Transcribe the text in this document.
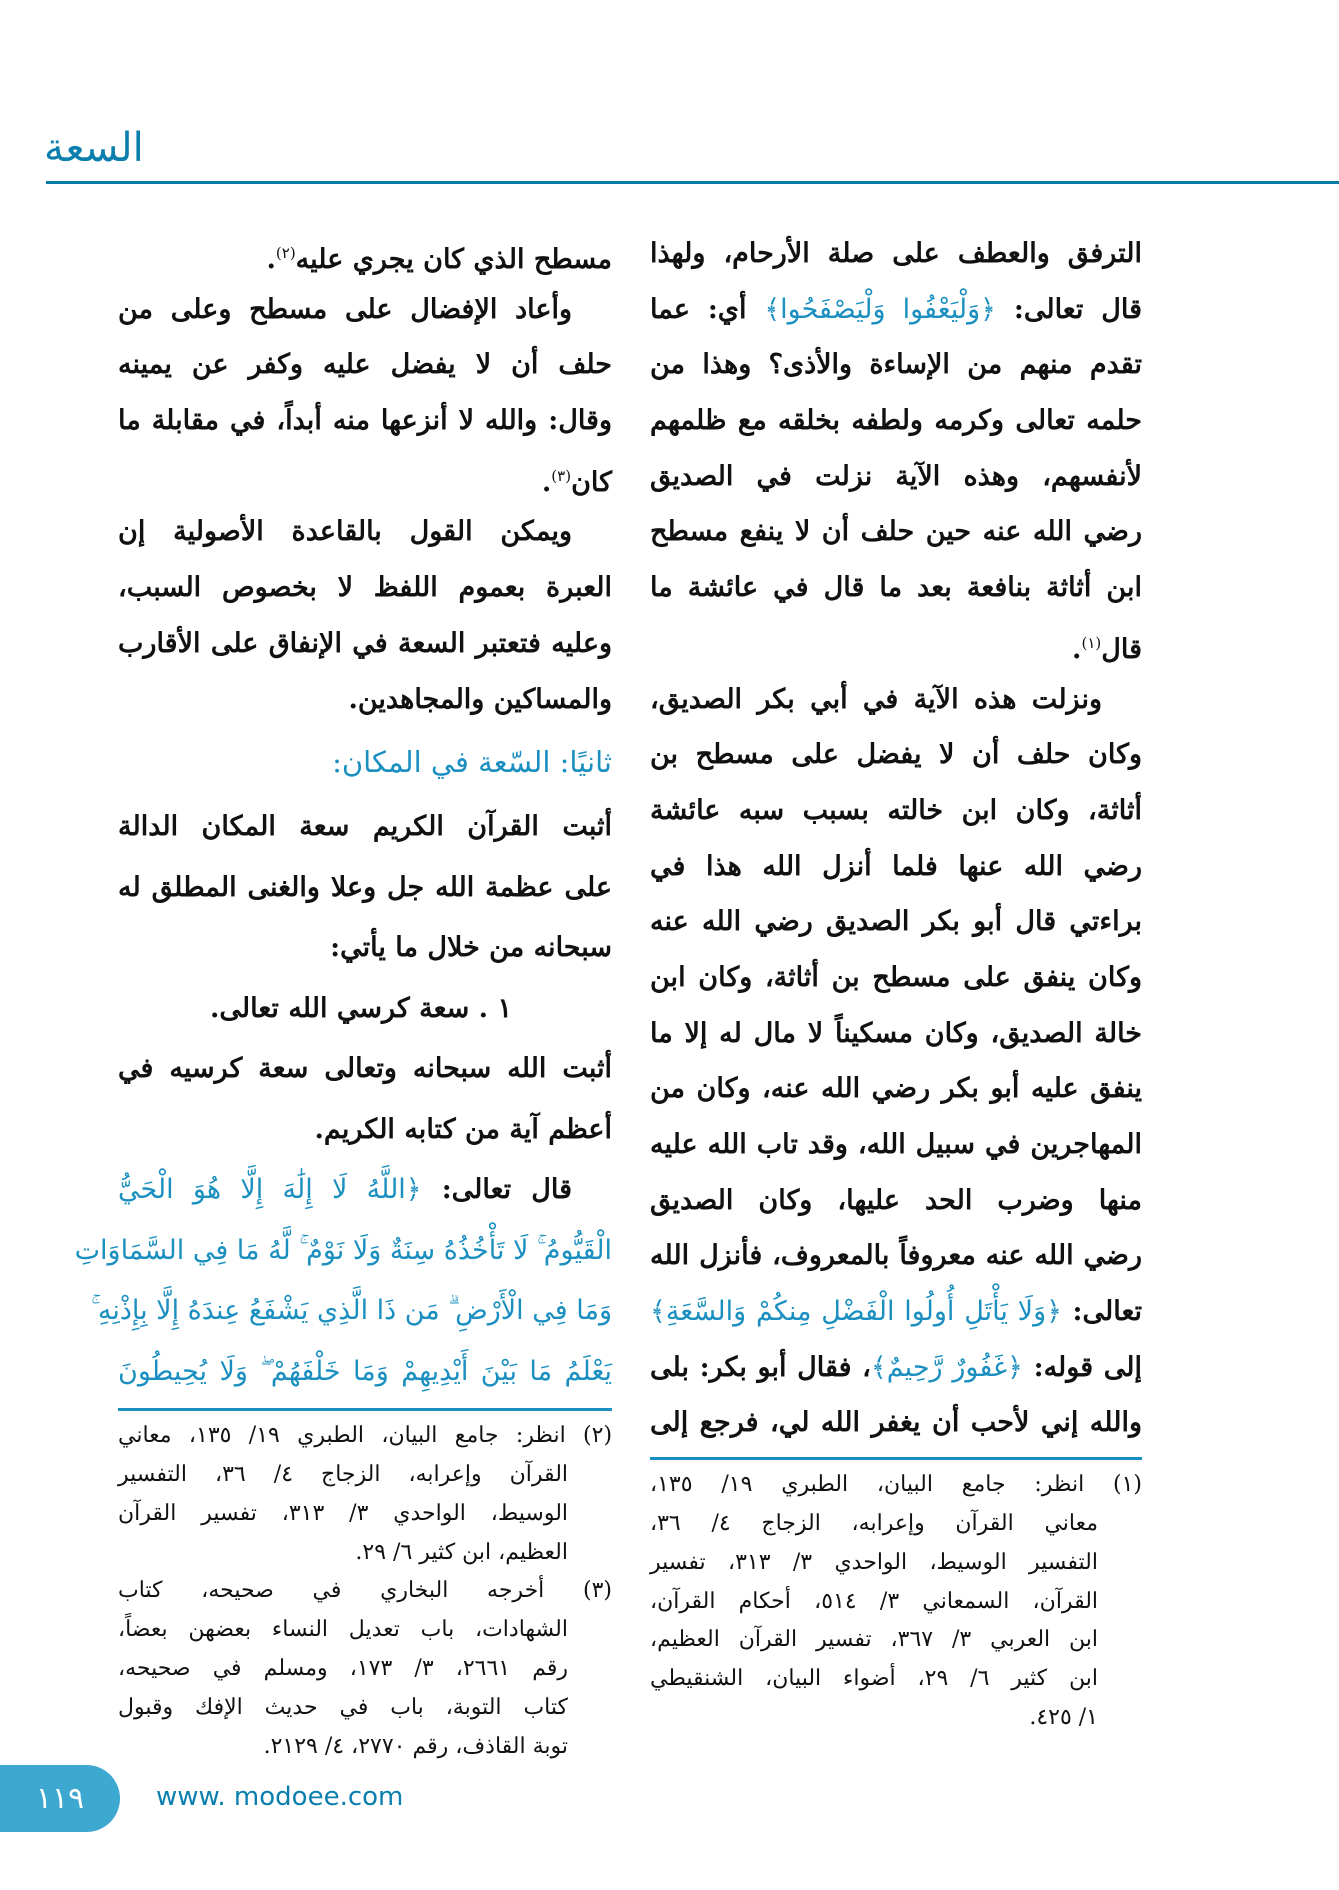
السعة
الترفق والعطف على صلة الأرحام، ولهذا
قال تعالى: ﴿وَلْيَعْفُوا وَلْيَصْفَحُوا﴾ أي: عما
تقدم منهم من الإساءة والأذى؟ وهذا من
حلمه تعالى وكرمه ولطفه بخلقه مع ظلمهم
لأنفسهم، وهذه الآية نزلت في الصديق
رضي الله عنه حين حلف أن لا ينفع مسطح
ابن أثاثة بنافعة بعد ما قال في عائشة ما
قال$^{(١)}$.
ونزلت هذه الآية في أبي بكر الصديق،
وكان حلف أن لا يفضل على مسطح بن
أثاثة، وكان ابن خالته بسبب سبه عائشة
رضي الله عنها فلما أنزل الله هذا في
براءتي قال أبو بكر الصديق رضي الله عنه
وكان ينفق على مسطح بن أثاثة، وكان ابن
خالة الصديق، وكان مسكيناً لا مال له إلا ما
ينفق عليه أبو بكر رضي الله عنه، وكان من
المهاجرين في سبيل الله، وقد تاب الله عليه
منها وضرب الحد عليها، وكان الصديق
رضي الله عنه معروفاً بالمعروف، فأنزل الله
تعالى: ﴿وَلَا يَأْتَلِ أُولُوا الْفَضْلِ مِنكُمْ وَالسَّعَةِ﴾
إلى قوله: ﴿غَفُورٌ رَّحِيمٌ﴾، فقال أبو بكر: بلى
والله إني لأحب أن يغفر الله لي، فرجع إلى
(١) انظر: جامع البيان، الطبري ١٩/ ١٣٥،
معاني القرآن وإعرابه، الزجاج ٤/ ٣٦،
التفسير الوسيط، الواحدي ٣/ ٣١٣، تفسير
القرآن، السمعاني ٣/ ٥١٤، أحكام القرآن،
ابن العربي ٣/ ٣٦٧، تفسير القرآن العظيم،
ابن كثير ٦/ ٢٩، أضواء البيان، الشنقيطي
١/ ٤٢٥.
مسطح الذي كان يجري عليه$^{(٢)}$.
وأعاد الإفضال على مسطح وعلى من
حلف أن لا يفضل عليه وكفر عن يمينه
وقال: والله لا أنزعها منه أبداً، في مقابلة ما
كان$^{(٣)}$.
ويمكن القول بالقاعدة الأصولية إن
العبرة بعموم اللفظ لا بخصوص السبب،
وعليه فتعتبر السعة في الإنفاق على الأقارب
والمساكين والمجاهدين.
ثانيًا: السّعة في المكان:
أثبت القرآن الكريم سعة المكان الدالة
على عظمة الله جل وعلا والغنى المطلق له
سبحانه من خلال ما يأتي:
١ . سعة كرسي الله تعالى.
أثبت الله سبحانه وتعالى سعة كرسيه في
أعظم آية من كتابه الكريم.
قال تعالى: ﴿اللَّهُ لَا إِلَٰهَ إِلَّا هُوَ الْحَيُّ
الْقَيُّومُ ۚ لَا تَأْخُذُهُ سِنَةٌ وَلَا نَوْمٌ ۚ لَّهُ مَا فِي السَّمَاوَاتِ
وَمَا فِي الْأَرْضِ ۗ مَن ذَا الَّذِي يَشْفَعُ عِندَهُ إِلَّا بِإِذْنِهِ ۚ
يَعْلَمُ مَا بَيْنَ أَيْدِيهِمْ وَمَا خَلْفَهُمْ ۖ وَلَا يُحِيطُونَ
(٢) انظر: جامع البيان، الطبري ١٩/ ١٣٥، معاني
القرآن وإعرابه، الزجاج ٤/ ٣٦، التفسير
الوسيط، الواحدي ٣/ ٣١٣، تفسير القرآن
العظيم، ابن كثير ٦/ ٢٩.
(٣) أخرجه البخاري في صحيحه، كتاب
الشهادات، باب تعديل النساء بعضهن بعضاً،
رقم ٢٦٦١، ٣/ ١٧٣، ومسلم في صحيحه،
كتاب التوبة، باب في حديث الإفك وقبول
توبة القاذف، رقم ٢٧٧٠، ٤/ ٢١٢٩.
١١٩	www. modoee.com
